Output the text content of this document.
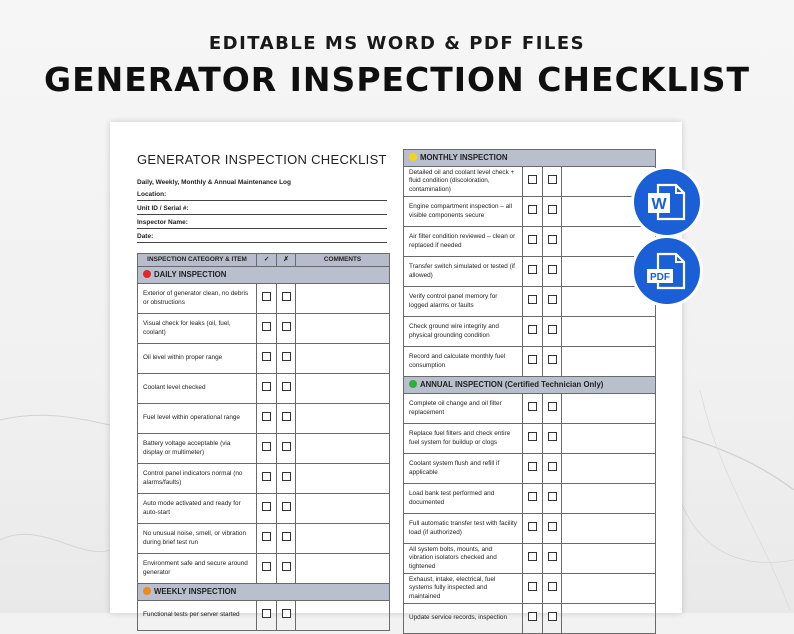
EDITABLE MS WORD & PDF FILES
GENERATOR INSPECTION CHECKLIST
GENERATOR INSPECTION CHECKLIST
Daily, Weekly, Monthly & Annual Maintenance Log
Location:
Unit ID / Serial #:
Inspector Name:
Date:
INSPECTION CATEGORY & ITEM	✓	✗	COMMENTS
DAILY INSPECTION			
Exterior of generator clean, no debris or obstructions			
Visual check for leaks (oil, fuel, coolant)			
Oil level within proper range			
Coolant level checked			
Fuel level within operational range			
Battery voltage acceptable (via display or multimeter)			
Control panel indicators normal (no alarms/faults)			
Auto mode activated and ready for auto-start			
No unusual noise, smell, or vibration during brief test run			
Environment safe and secure around generator			
WEEKLY INSPECTION			
Functional tests per server started			
MONTHLY INSPECTION			
Detailed oil and coolant level check + fluid condition (discoloration, contamination)			
Engine compartment inspection – all visible components secure			
Air filter condition reviewed – clean or replaced if needed			
Transfer switch simulated or tested (if allowed)			
Verify control panel memory for logged alarms or faults			
Check ground wire integrity and physical grounding condition			
Record and calculate monthly fuel consumption			
ANNUAL INSPECTION (Certified Technician Only)			
Complete oil change and oil filter replacement			
Replace fuel filters and check entire fuel system for buildup or clogs			
Coolant system flush and refill if applicable			
Load bank test performed and documented			
Full automatic transfer test with facility load (if authorized)			
All system bolts, mounts, and vibration isolators checked and tightened			
Exhaust, intake, electrical, fuel systems fully inspected and maintained			
Update service records, inspection			
W
PDF
